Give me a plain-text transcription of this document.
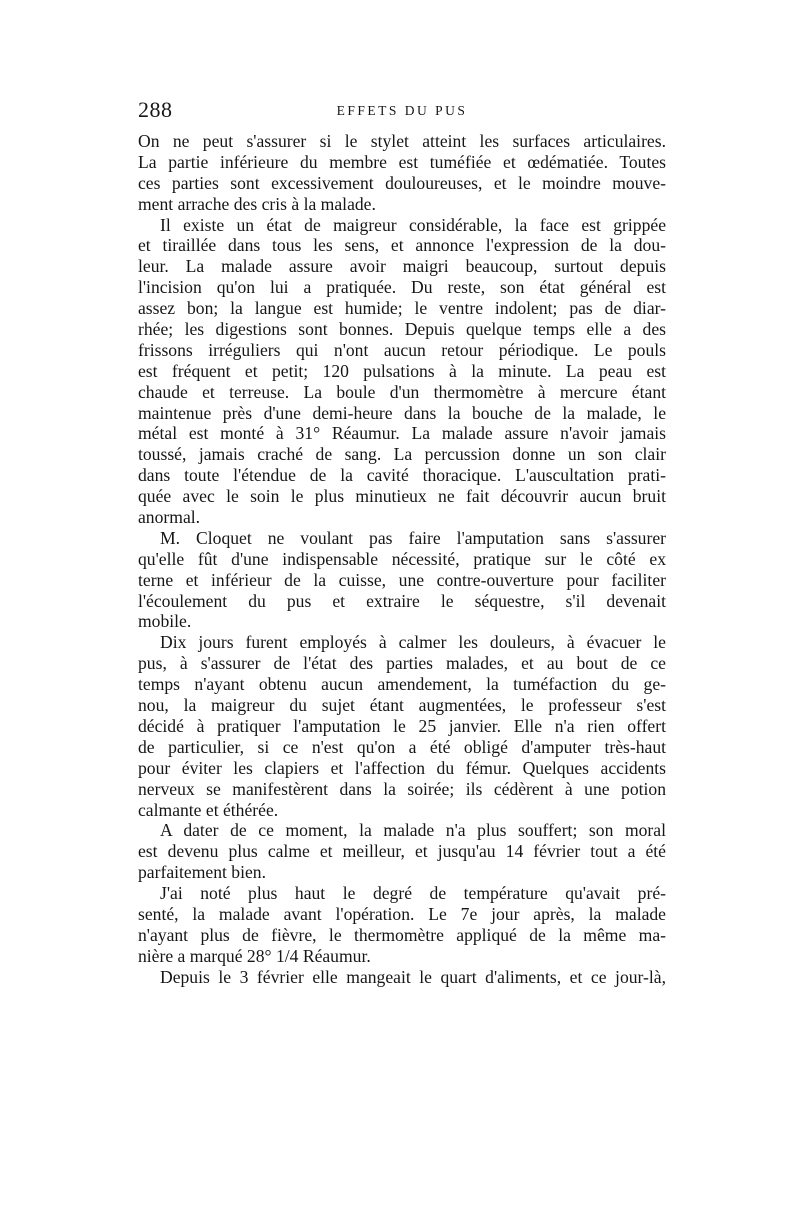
288	EFFETS DU PUS
On ne peut s'assurer si le stylet atteint les surfaces articulaires.
La partie inférieure du membre est tuméfiée et œdématiée. Toutes
ces parties sont excessivement douloureuses, et le moindre mouve-
ment arrache des cris à la malade.
Il existe un état de maigreur considérable, la face est grippée
et tiraillée dans tous les sens, et annonce l'expression de la dou-
leur. La malade assure avoir maigri beaucoup, surtout depuis
l'incision qu'on lui a pratiquée. Du reste, son état général est
assez bon; la langue est humide; le ventre indolent; pas de diar-
rhée; les digestions sont bonnes. Depuis quelque temps elle a des
frissons irréguliers qui n'ont aucun retour périodique. Le pouls
est fréquent et petit; 120 pulsations à la minute. La peau est
chaude et terreuse. La boule d'un thermomètre à mercure étant
maintenue près d'une demi-heure dans la bouche de la malade, le
métal est monté à 31° Réaumur. La malade assure n'avoir jamais
toussé, jamais craché de sang. La percussion donne un son clair
dans toute l'étendue de la cavité thoracique. L'auscultation prati-
quée avec le soin le plus minutieux ne fait découvrir aucun bruit
anormal.
M. Cloquet ne voulant pas faire l'amputation sans s'assurer
qu'elle fût d'une indispensable nécessité, pratique sur le côté ex
terne et inférieur de la cuisse, une contre-ouverture pour faciliter
l'écoulement du pus et extraire le séquestre, s'il devenait
mobile.
Dix jours furent employés à calmer les douleurs, à évacuer le
pus, à s'assurer de l'état des parties malades, et au bout de ce
temps n'ayant obtenu aucun amendement, la tuméfaction du ge-
nou, la maigreur du sujet étant augmentées, le professeur s'est
décidé à pratiquer l'amputation le 25 janvier. Elle n'a rien offert
de particulier, si ce n'est qu'on a été obligé d'amputer très-haut
pour éviter les clapiers et l'affection du fémur. Quelques accidents
nerveux se manifestèrent dans la soirée; ils cédèrent à une potion
calmante et éthérée.
A dater de ce moment, la malade n'a plus souffert; son moral
est devenu plus calme et meilleur, et jusqu'au 14 février tout a été
parfaitement bien.
J'ai noté plus haut le degré de température qu'avait pré-
senté, la malade avant l'opération. Le 7e jour après, la malade
n'ayant plus de fièvre, le thermomètre appliqué de la même ma-
nière a marqué 28° 1/4 Réaumur.
Depuis le 3 février elle mangeait le quart d'aliments, et ce jour-là,
